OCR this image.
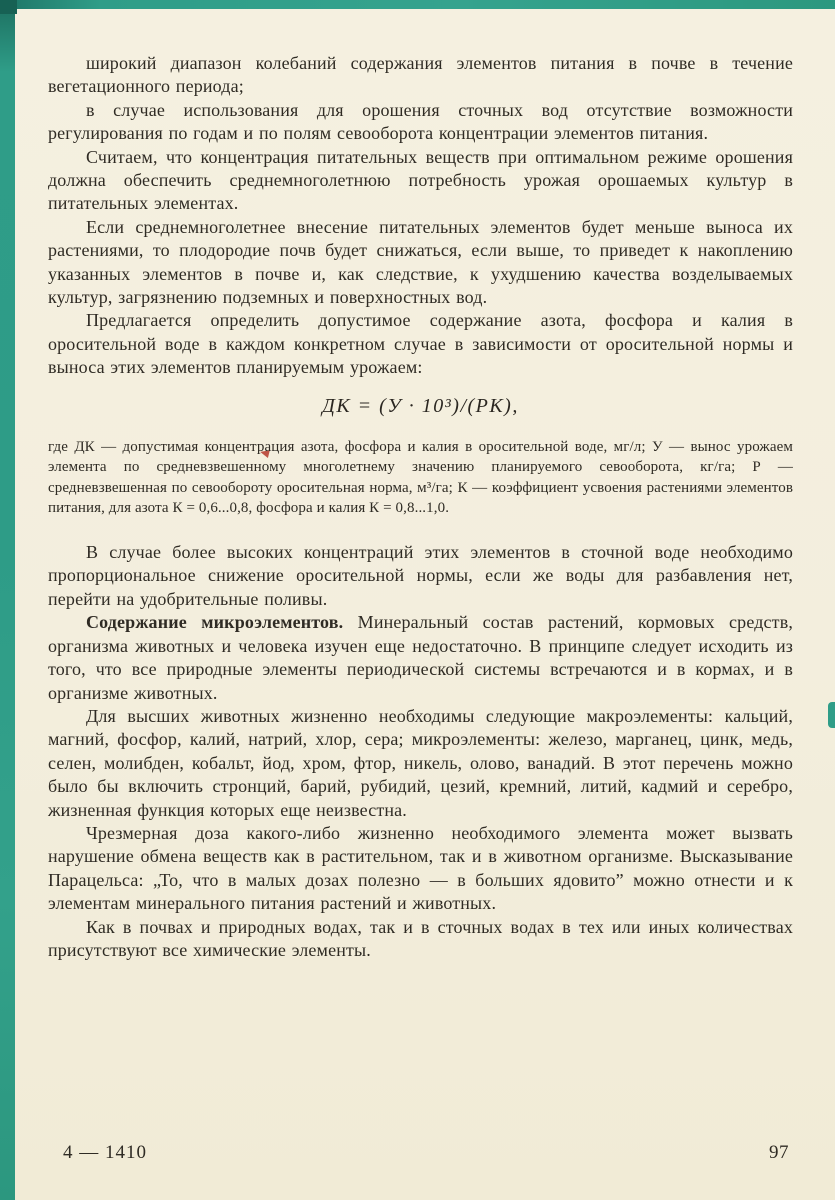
широкий диапазон колебаний содержания элементов питания в почве в течение вегетационного периода;

в случае использования для орошения сточных вод отсутствие возможности регулирования по годам и по полям севооборота концентрации элементов питания.

Считаем, что концентрация питательных веществ при оптимальном режиме орошения должна обеспечить среднемноголетнюю потребность урожая орошаемых культур в питательных элементах.

Если среднемноголетнее внесение питательных элементов будет меньше выноса их растениями, то плодородие почв будет снижаться, если выше, то приведет к накоплению указанных элементов в почве и, как следствие, к ухудшению качества возделываемых культур, загрязнению подземных и поверхностных вод.

Предлагается определить допустимое содержание азота, фосфора и калия в оросительной воде в каждом конкретном случае в зависимости от оросительной нормы и выноса этих элементов планируемым урожаем:

ДК = (У · 10³)/(РК),

где ДК — допустимая концентрация азота, фосфора и калия в оросительной воде, мг/л; У — вынос урожаем элемента по средневзвешенному многолетнему значению планируемого севооборота, кг/га; Р — средневзвешенная по севообороту оросительная норма, м³/га; К — коэффициент усвоения растениями элементов питания, для азота К = 0,6...0,8, фосфора и калия К = 0,8...1,0.

В случае более высоких концентраций этих элементов в сточной воде необходимо пропорциональное снижение оросительной нормы, если же воды для разбавления нет, перейти на удобрительные поливы.

Содержание микроэлементов. Минеральный состав растений, кормовых средств, организма животных и человека изучен еще недостаточно. В принципе следует исходить из того, что все природные элементы периодической системы встречаются и в кормах, и в организме животных.

Для высших животных жизненно необходимы следующие макроэлементы: кальций, магний, фосфор, калий, натрий, хлор, сера; микроэлементы: железо, марганец, цинк, медь, селен, молибден, кобальт, йод, хром, фтор, никель, олово, ванадий. В этот перечень можно было бы включить стронций, барий, рубидий, цезий, кремний, литий, кадмий и серебро, жизненная функция которых еще неизвестна.

Чрезмерная доза какого-либо жизненно необходимого элемента может вызвать нарушение обмена веществ как в растительном, так и в животном организме. Высказывание Парацельса: „То, что в малых дозах полезно — в больших ядовито” можно отнести и к элементам минерального питания растений и животных.

Как в почвах и природных водах, так и в сточных водах в тех или иных количествах присутствуют все химические элементы.

4 — 1410	97
